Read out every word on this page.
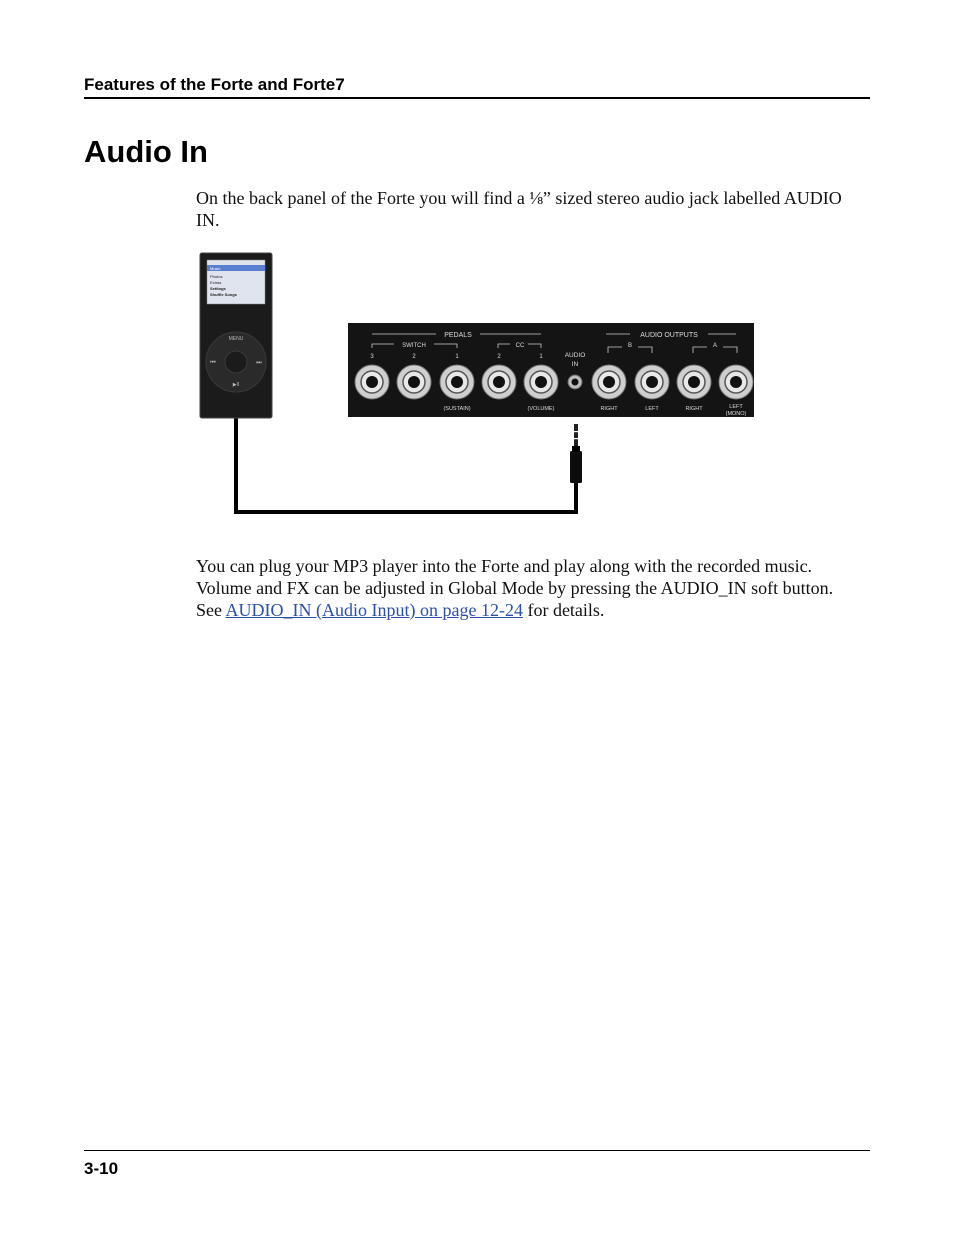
Features of the Forte and Forte7
Audio In

On the back panel of the Forte you will find a ⅛” sized stereo audio jack labelled AUDIO IN.

Music
Photos
Extras
Settings
Shuffle Songs
MENU
⏮	⏭
▶II
PEDALS
SWITCH	CC
3	2	1	2	1	AUDIO
IN
AUDIO OUTPUTS
B	A
(SUSTAIN)	(VOLUME)	RIGHT	LEFT	RIGHT	LEFT
(MONO)

You can plug your MP3 player into the Forte and play along with the recorded music. Volume and FX can be adjusted in Global Mode by pressing the AUDIO_IN soft button. See AUDIO_IN (Audio Input) on page 12-24 for details.

3-10
